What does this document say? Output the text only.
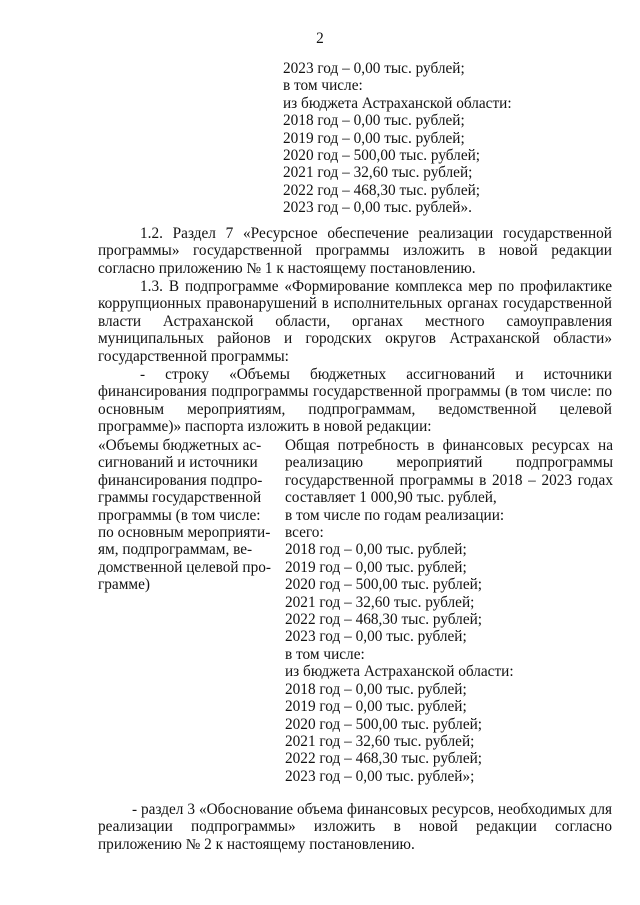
2
2023 год – 0,00 тыс. рублей;
в том числе:
из бюджета Астраханской области:
2018 год – 0,00 тыс. рублей;
2019 год – 0,00 тыс. рублей;
2020 год – 500,00 тыс. рублей;
2021 год – 32,60 тыс. рублей;
2022 год – 468,30 тыс. рублей;
2023 год – 0,00 тыс. рублей».
1.2. Раздел 7 «Ресурсное обеспечение реализации государственной программы» государственной программы изложить в новой редакции согласно приложению № 1 к настоящему постановлению.
1.3. В подпрограмме «Формирование комплекса мер по профилактике коррупционных правонарушений в исполнительных органах государственной власти Астраханской области, органах местного самоуправления муниципальных районов и городских округов Астраханской области» государственной программы:
- строку «Объемы бюджетных ассигнований и источники финансирования подпрограммы государственной программы (в том числе: по основным мероприятиям, подпрограммам, ведомственной целевой программе)» паспорта изложить в новой редакции:
«Объемы бюджетных ас-
сигнований и источники
финансирования подпро-
граммы государственной
программы (в том числе:
по основным мероприяти-
ям, подпрограммам, ве-
домственной целевой про-
грамме)
Общая потребность в финансовых ресурсах на реализацию мероприятий подпрограммы государственной программы в 2018 – 2023 годах составляет 1 000,90 тыс. рублей,
в том числе по годам реализации:
всего:
2018 год – 0,00 тыс. рублей;
2019 год – 0,00 тыс. рублей;
2020 год – 500,00 тыс. рублей;
2021 год – 32,60 тыс. рублей;
2022 год – 468,30 тыс. рублей;
2023 год – 0,00 тыс. рублей;
в том числе:
из бюджета Астраханской области:
2018 год – 0,00 тыс. рублей;
2019 год – 0,00 тыс. рублей;
2020 год – 500,00 тыс. рублей;
2021 год – 32,60 тыс. рублей;
2022 год – 468,30 тыс. рублей;
2023 год – 0,00 тыс. рублей»;
- раздел 3 «Обоснование объема финансовых ресурсов, необходимых для реализации подпрограммы» изложить в новой редакции согласно приложению № 2 к настоящему постановлению.
